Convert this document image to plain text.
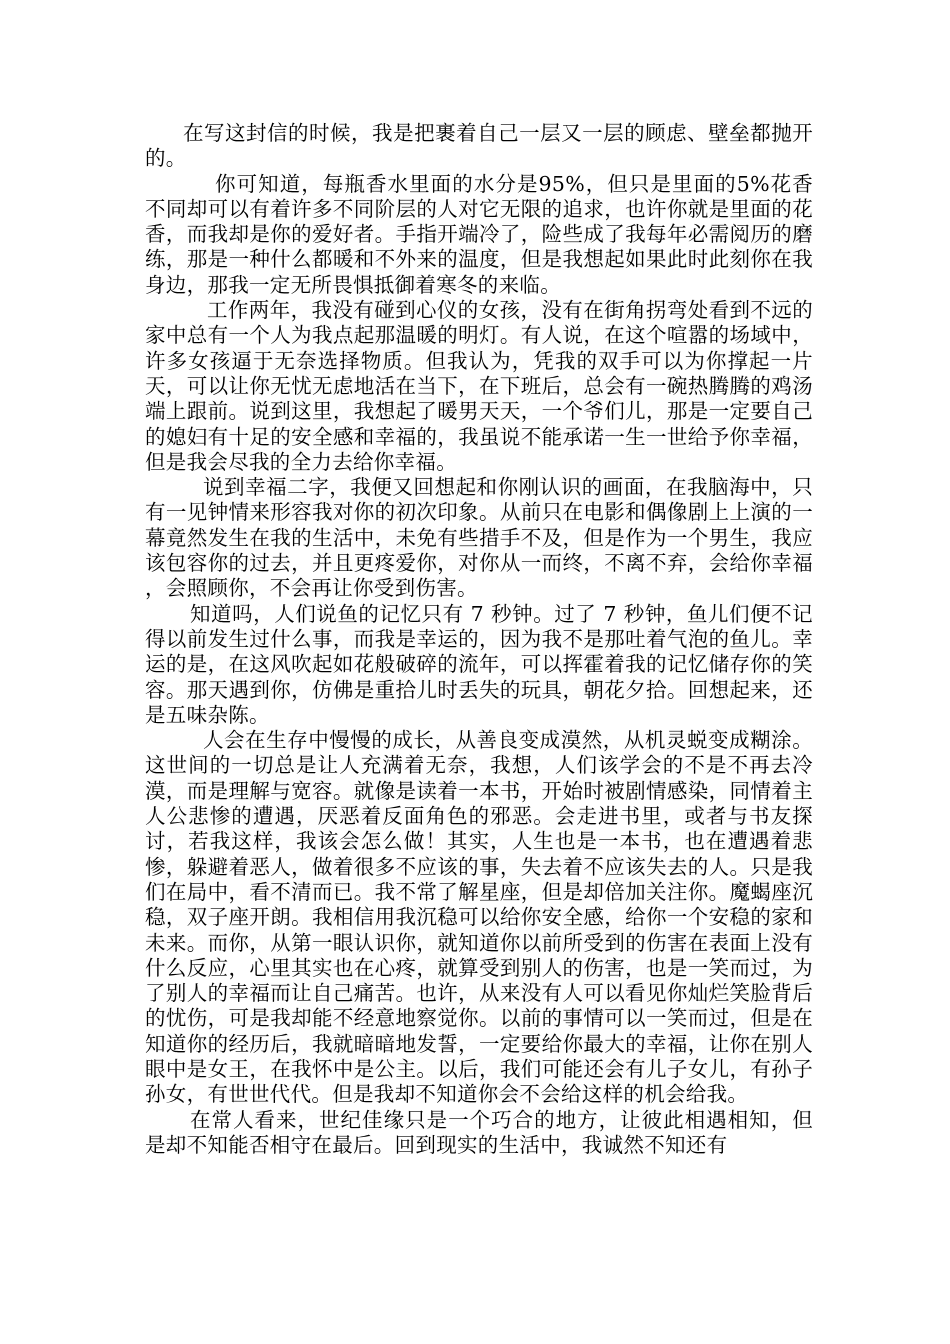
在写这封信的时候，我是把裹着自己一层又一层的顾虑、壁垒都抛开的。

你可知道，每瓶香水里面的水分是95%，但只是里面的5%花香不同却可以有着许多不同阶层的人对它无限的追求，也许你就是里面的花香，而我却是你的爱好者。手指开端冷了，险些成了我每年必需阅历的磨练，那是一种什么都暖和不外来的温度，但是我想起如果此时此刻你在我身边，那我一定无所畏惧抵御着寒冬的来临。

工作两年，我没有碰到心仪的女孩，没有在街角拐弯处看到不远的家中总有一个人为我点起那温暖的明灯。有人说，在这个喧嚣的场域中，许多女孩逼于无奈选择物质。但我认为，凭我的双手可以为你撑起一片天，可以让你无忧无虑地活在当下，在下班后，总会有一碗热腾腾的鸡汤端上跟前。说到这里，我想起了暖男天天，一个爷们儿，那是一定要自己的媳妇有十足的安全感和幸福的，我虽说不能承诺一生一世给予你幸福，但是我会尽我的全力去给你幸福。

说到幸福二字，我便又回想起和你刚认识的画面，在我脑海中，只有一见钟情来形容我对你的初次印象。从前只在电影和偶像剧上上演的一幕竟然发生在我的生活中，未免有些措手不及，但是作为一个男生，我应该包容你的过去，并且更疼爱你，对你从一而终，不离不弃，会给你幸福 ，会照顾你，不会再让你受到伤害。

知道吗，人们说鱼的记忆只有 7 秒钟。过了 7 秒钟，鱼儿们便不记得以前发生过什么事，而我是幸运的，因为我不是那吐着气泡的鱼儿。幸运的是，在这风吹起如花般破碎的流年，可以挥霍着我的记忆储存你的笑容。那天遇到你，仿佛是重拾儿时丢失的玩具，朝花夕拾。回想起来，还是五味杂陈。

人会在生存中慢慢的成长，从善良变成漠然，从机灵蜕变成糊涂。这世间的一切总是让人充满着无奈，我想，人们该学会的不是不再去冷漠，而是理解与宽容。就像是读着一本书，开始时被剧情感染，同情着主人公悲惨的遭遇，厌恶着反面角色的邪恶。会走进书里，或者与书友探讨，若我这样，我该会怎么做！其实，人生也是一本书，也在遭遇着悲惨，躲避着恶人，做着很多不应该的事，失去着不应该失去的人。只是我们在局中，看不清而已。我不常了解星座，但是却倍加关注你。魔蝎座沉稳，双子座开朗。我相信用我沉稳可以给你安全感，给你一个安稳的家和未来。而你，从第一眼认识你，就知道你以前所受到的伤害在表面上没有什么反应，心里其实也在心疼，就算受到别人的伤害，也是一笑而过，为了别人的幸福而让自己痛苦。也许，从来没有人可以看见你灿烂笑脸背后的忧伤，可是我却能不经意地察觉你。以前的事情可以一笑而过，但是在知道你的经历后，我就暗暗地发誓，一定要给你最大的幸福，让你在别人眼中是女王，在我怀中是公主。以后，我们可能还会有儿子女儿，有孙子孙女，有世世代代。但是我却不知道你会不会给这样的机会给我。

在常人看来，世纪佳缘只是一个巧合的地方，让彼此相遇相知，但是却不知能否相守在最后。回到现实的生活中，我诚然不知还有
